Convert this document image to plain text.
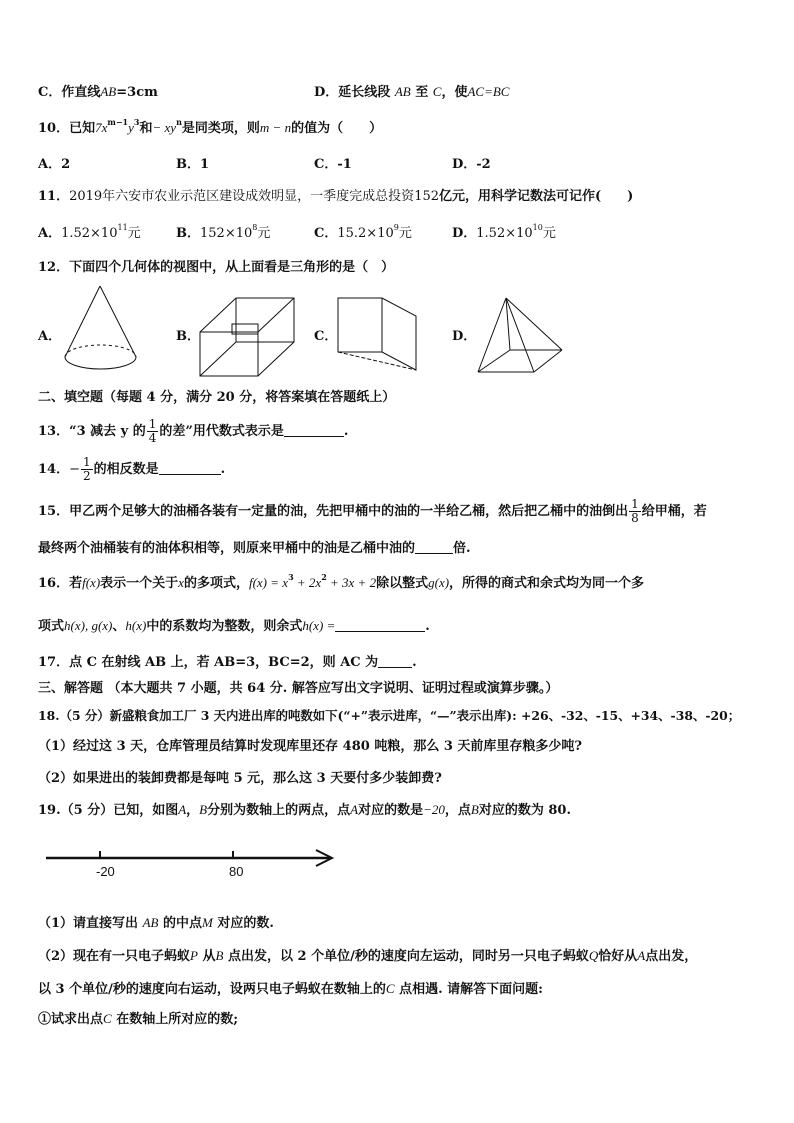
C．作直线AB=3cm	D．延长线段 AB 至 C，使AC=BC
10．已知$7x^{m-1}y^3$和− $xy^n$是同类项，则m − n的值为（　　）
A．2	B．1	C．-1	D．-2
11．2019年六安市农业示范区建设成效明显，一季度完成总投资152亿元，用科学记数法可记作(　　)
A．$1.52\times 10^{11}$元	B．$152\times 10^8$元	C．$15.2\times 10^9$元	D．$1.52\times 10^{10}$元
12．下面四个几何体的视图中，从上面看是三角形的是（　）
A．	B．	C．	D．
二、填空题（每题 4 分，满分 20 分，将答案填在答题纸上）
13．“3 减去 y 的 $\frac{1}{4}$ 的差”用代数式表示是	.
14．− $\frac{1}{2}$ 的相反数是	.
15．甲乙两个足够大的油桶各装有一定量的油，先把甲桶中的油的一半给乙桶，然后把乙桶中的油倒出 $\frac{1}{8}$ 给甲桶，若
最终两个油桶装有的油体积相等，则原来甲桶中的油是乙桶中油的	倍.
16．若f(x)表示一个关于x的多项式，$f(x) = x^3 + 2x^2 + 3x + 2$除以整式g(x)，所得的商式和余式均为同一个多
项式h(x), g(x)、h(x)中的系数均为整数，则余式h(x) =	.
17．点 C 在射线 AB 上，若 AB=3，BC=2，则 AC 为	.
三、解答题 （本大题共 7 小题，共 64 分. 解答应写出文字说明、证明过程或演算步骤。）
18.（5 分）新盛粮食加工厂 3 天内进出库的吨数如下(“+”表示进库，“—”表示出库): +26、-32、-15、+34、-38、-20；
（1）经过这 3 天，仓库管理员结算时发现库里还存 480 吨粮，那么 3 天前库里存粮多少吨?
（2）如果进出的装卸费都是每吨 5 元，那么这 3 天要付多少装卸费?
19.（5 分）已知，如图A，B分别为数轴上的两点，点A对应的数是−20，点B对应的数为 80.
-20	80
（1）请直接写出 AB 的中点M 对应的数.
（2）现在有一只电子蚂蚁P 从B 点出发，以 2 个单位/秒的速度向左运动，同时另一只电子蚂蚁Q恰好从A点出发，
以 3 个单位/秒的速度向右运动，设两只电子蚂蚁在数轴上的C 点相遇. 请解答下面问题:
①试求出点C 在数轴上所对应的数;
